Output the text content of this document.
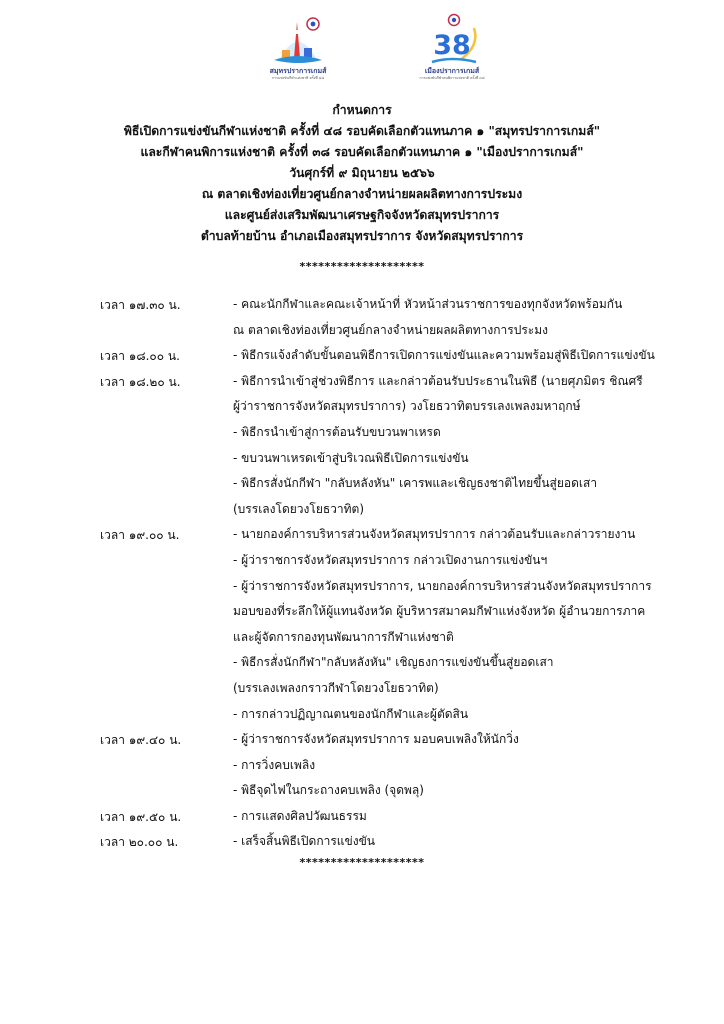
สมุทรปราการเกมส์
การแข่งขันกีฬาแห่งชาติ ครั้งที่ ๔๘
38
เมืองปราการเกมส์
การแข่งขันกีฬาคนพิการแห่งชาติ ครั้งที่ ๓๘
กำหนดการ
พิธีเปิดการแข่งขันกีฬาแห่งชาติ ครั้งที่ ๔๘ รอบคัดเลือกตัวแทนภาค ๑ "สมุทรปราการเกมส์"
และกีฬาคนพิการแห่งชาติ ครั้งที่ ๓๘ รอบคัดเลือกตัวแทนภาค ๑ "เมืองปราการเกมส์"
วันศุกร์ที่ ๙ มิถุนายน ๒๕๖๖
ณ ตลาดเชิงท่องเที่ยวศูนย์กลางจำหน่ายผลผลิตทางการประมง
และศูนย์ส่งเสริมพัฒนาเศรษฐกิจจังหวัดสมุทรปราการ
ตำบลท้ายบ้าน อำเภอเมืองสมุทรปราการ จังหวัดสมุทรปราการ
********************
เวลา ๑๗.๓๐ น.	- คณะนักกีฬาและคณะเจ้าหน้าที่ หัวหน้าส่วนราชการของทุกจังหวัดพร้อมกัน
ณ ตลาดเชิงท่องเที่ยวศูนย์กลางจำหน่ายผลผลิตทางการประมง
เวลา ๑๘.๐๐ น.	- พิธีกรแจ้งลำดับขั้นตอนพิธีการเปิดการแข่งขันและความพร้อมสู่พิธีเปิดการแข่งขัน
เวลา ๑๘.๒๐ น.	- พิธีการนำเข้าสู่ช่วงพิธีการ และกล่าวต้อนรับประธานในพิธี (นายศุภมิตร ชิณศรี
ผู้ว่าราชการจังหวัดสมุทรปราการ) วงโยธวาทิตบรรเลงเพลงมหาฤกษ์
- พิธีกรนำเข้าสู่การต้อนรับขบวนพาเหรด
- ขบวนพาเหรดเข้าสู่บริเวณพิธีเปิดการแข่งขัน
- พิธีกรสั่งนักกีฬา "กลับหลังหัน" เคารพและเชิญธงชาติไทยขึ้นสู่ยอดเสา
(บรรเลงโดยวงโยธวาทิต)
เวลา ๑๙.๐๐ น.	- นายกองค์การบริหารส่วนจังหวัดสมุทรปราการ กล่าวต้อนรับและกล่าวรายงาน
- ผู้ว่าราชการจังหวัดสมุทรปราการ กล่าวเปิดงานการแข่งขันฯ
- ผู้ว่าราชการจังหวัดสมุทรปราการ, นายกองค์การบริหารส่วนจังหวัดสมุทรปราการ
มอบของที่ระลึกให้ผู้แทนจังหวัด ผู้บริหารสมาคมกีฬาแห่งจังหวัด ผู้อำนวยการภาค
และผู้จัดการกองทุนพัฒนาการกีฬาแห่งชาติ
- พิธีกรสั่งนักกีฬา"กลับหลังหัน" เชิญธงการแข่งขันขึ้นสู่ยอดเสา
(บรรเลงเพลงกราวกีฬาโดยวงโยธวาทิต)
- การกล่าวปฏิญาณตนของนักกีฬาและผู้ตัดสิน
เวลา ๑๙.๔๐ น.	- ผู้ว่าราชการจังหวัดสมุทรปราการ มอบคบเพลิงให้นักวิ่ง
- การวิ่งคบเพลิง
- พิธีจุดไฟในกระถางคบเพลิง (จุดพลุ)
เวลา ๑๙.๕๐ น.	- การแสดงศิลปวัฒนธรรม
เวลา ๒๐.๐๐ น.	- เสร็จสิ้นพิธีเปิดการแข่งขัน
********************
